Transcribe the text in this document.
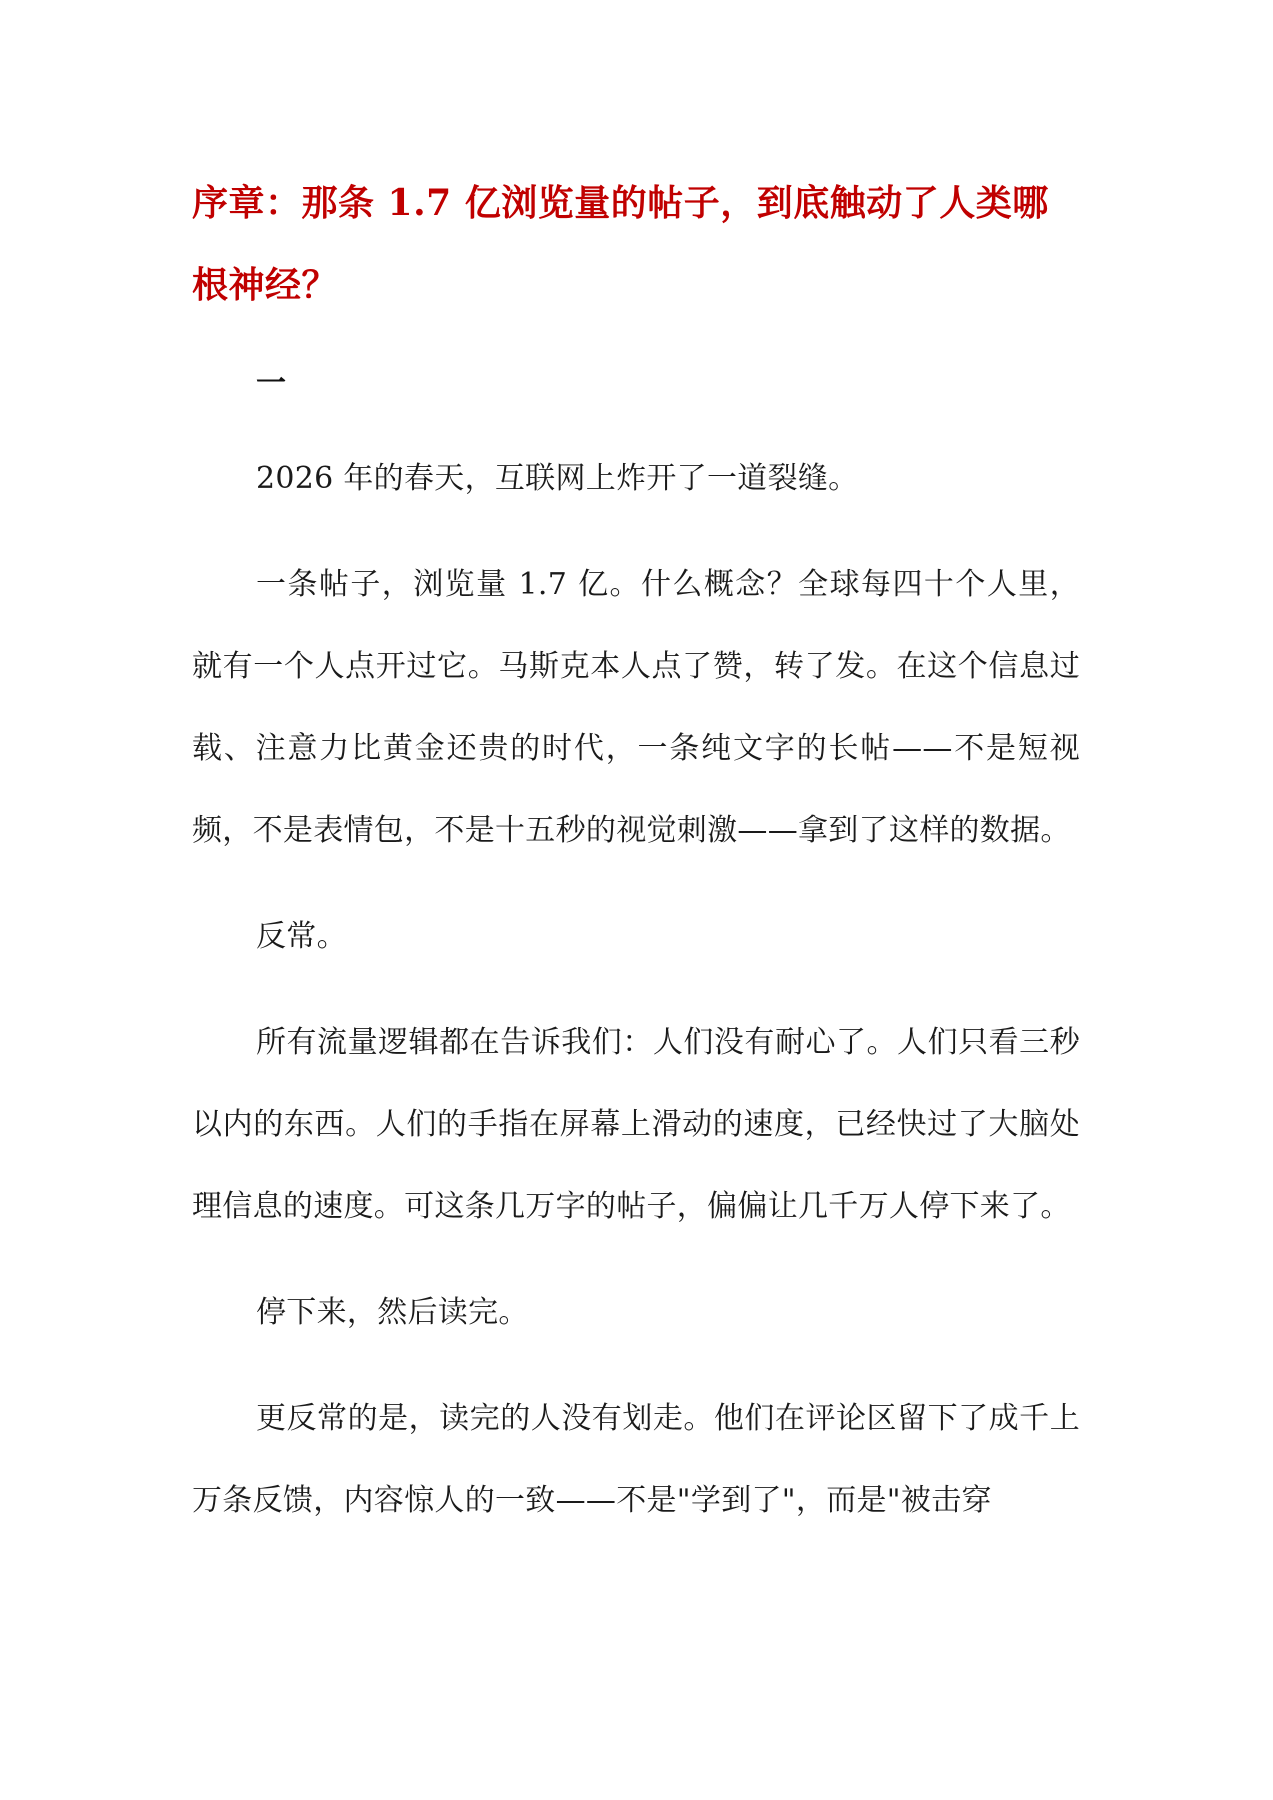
序章：那条 1.7 亿浏览量的帖子，到底触动了人类哪根神经？
一

2026 年的春天，互联网上炸开了一道裂缝。

一条帖子，浏览量 1.7 亿。什么概念？全球每四十个人里，就有一个人点开过它。马斯克本人点了赞，转了发。在这个信息过载、注意力比黄金还贵的时代，一条纯文字的长帖——不是短视频，不是表情包，不是十五秒的视觉刺激——拿到了这样的数据。

反常。

所有流量逻辑都在告诉我们：人们没有耐心了。人们只看三秒以内的东西。人们的手指在屏幕上滑动的速度，已经快过了大脑处理信息的速度。可这条几万字的帖子，偏偏让几千万人停下来了。

停下来，然后读完。

更反常的是，读完的人没有划走。他们在评论区留下了成千上万条反馈，内容惊人的一致——不是"学到了"，而是"被击穿
